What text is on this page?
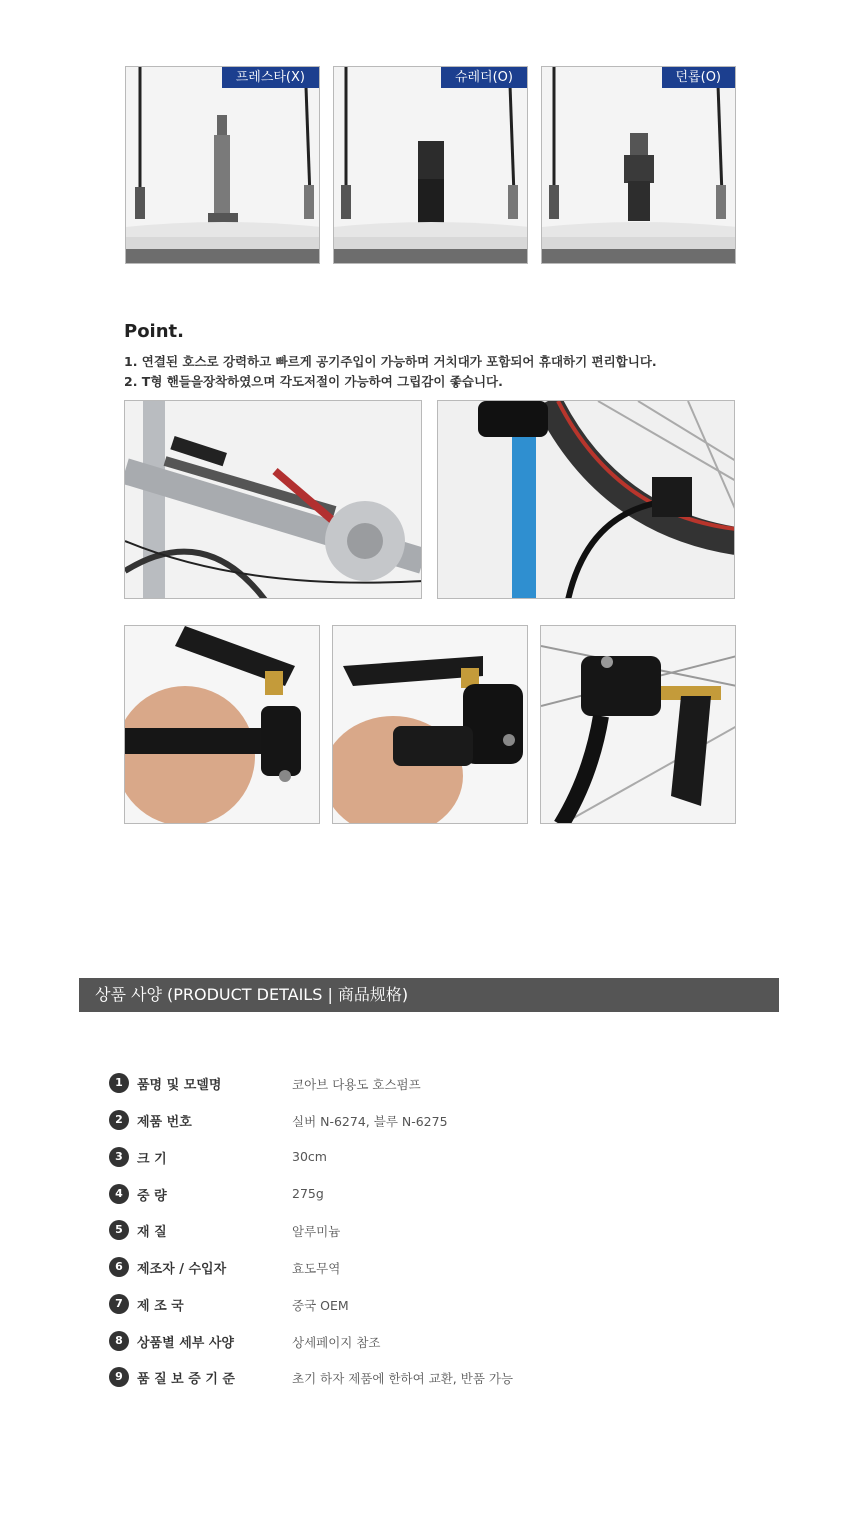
프레스타(X)	슈레더(O)	던롭(O)
Point.
1. 연결된 호스로 강력하고 빠르게 공기주입이 가능하며 거치대가 포함되어 휴대하기 편리합니다.
2. T형 핸들을장착하였으며 각도저절이 가능하여 그립감이 좋습니다.
상품 사양 (PRODUCT DETAILS | 商品规格)
1	품명 및 모델명	코아브 다용도 호스펌프
2	제품 번호	실버 N-6274, 블루 N-6275
3	크 기	30cm
4	중 량	275g
5	재 질	알루미늄
6	제조자 / 수입자	효도무역
7	제 조 국	중국 OEM
8	상품별 세부 사양	상세페이지 참조
9	품 질 보 증 기 준	초기 하자 제품에 한하여 교환, 반품 가능
